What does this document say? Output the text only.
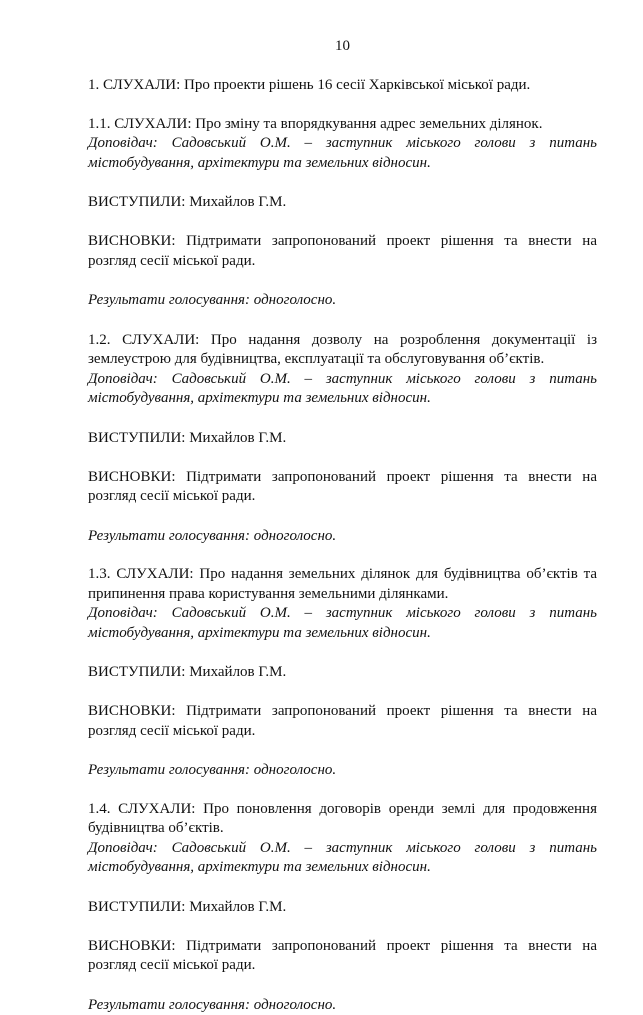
10

1. СЛУХАЛИ: Про проекти рішень 16 сесії Харківської міської ради.

1.1. СЛУХАЛИ: Про зміну та впорядкування адрес земельних ділянок.

Доповідач: Садовський О.М. – заступник міського голови з питань

містобудування, архітектури та земельних відносин.

ВИСТУПИЛИ: Михайлов Г.М.

ВИСНОВКИ: Підтримати запропонований проект рішення та внести на

розгляд сесії міської ради.

Результати голосування: одноголосно.

1.2. СЛУХАЛИ: Про надання дозволу на розроблення документації із

землеустрою для будівництва, експлуатації та обслуговування об’єктів.

Доповідач: Садовський О.М. – заступник міського голови з питань

містобудування, архітектури та земельних відносин.

ВИСТУПИЛИ: Михайлов Г.М.

ВИСНОВКИ: Підтримати запропонований проект рішення та внести на

розгляд сесії міської ради.

Результати голосування: одноголосно.

1.3. СЛУХАЛИ: Про надання земельних ділянок для будівництва об’єктів та

припинення права користування земельними ділянками.

Доповідач: Садовський О.М. – заступник міського голови з питань

містобудування, архітектури та земельних відносин.

ВИСТУПИЛИ: Михайлов Г.М.

ВИСНОВКИ: Підтримати запропонований проект рішення та внести на

розгляд сесії міської ради.

Результати голосування: одноголосно.

1.4. СЛУХАЛИ: Про поновлення договорів оренди землі для продовження

будівництва об’єктів.

Доповідач: Садовський О.М. – заступник міського голови з питань

містобудування, архітектури та земельних відносин.

ВИСТУПИЛИ: Михайлов Г.М.

ВИСНОВКИ: Підтримати запропонований проект рішення та внести на

розгляд сесії міської ради.

Результати голосування: одноголосно.
